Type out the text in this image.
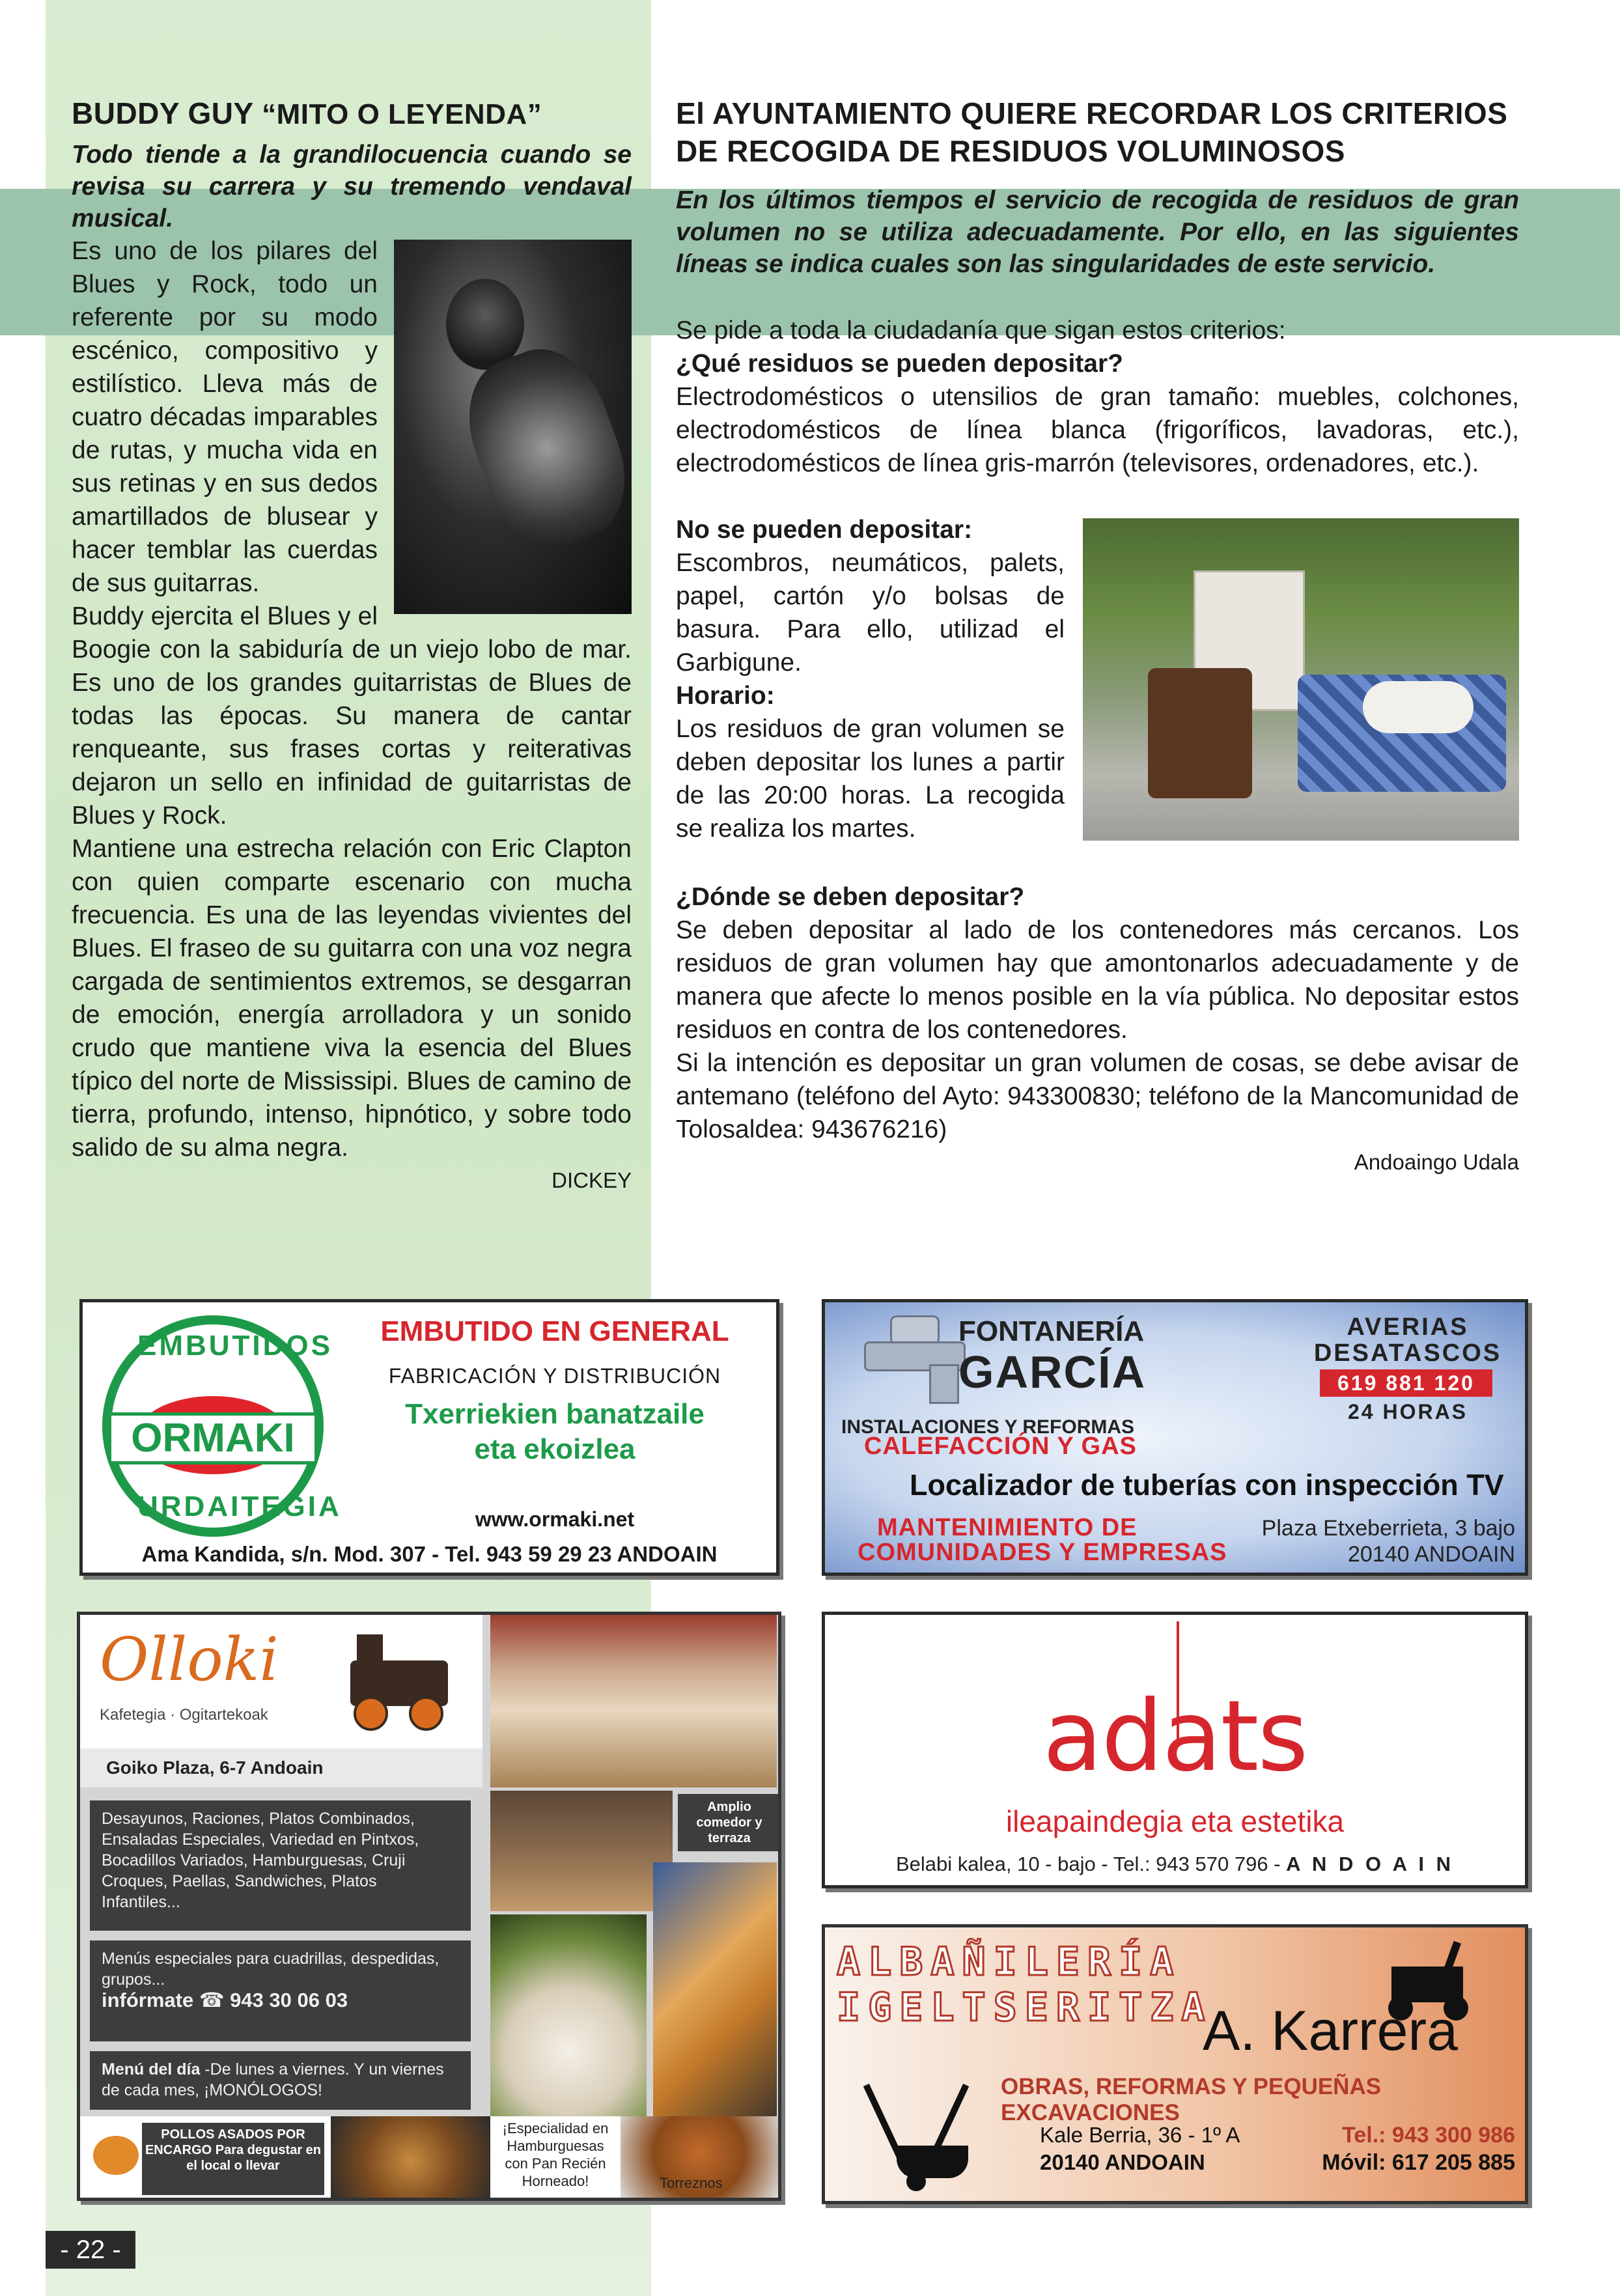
BUDDY GUY “MITO O LEYENDA”

Todo tiende a la grandilocuencia cuando se revisa su carrera y su tremendo vendaval musical.

Es uno de los pilares del Blues y Rock, todo un referente por su modo escénico, compositivo y estilístico. Lleva más de cuatro décadas imparables de rutas, y mucha vida en sus retinas y en sus dedos amartillados de blusear y hacer temblar las cuerdas de sus guitarras.

Buddy ejercita el Blues y el Boogie con la sabiduría de un viejo lobo de mar. Es uno de los grandes guitarristas de Blues de todas las épocas. Su manera de cantar renqueante, sus frases cortas y reiterativas dejaron un sello en infinidad de guitarristas de Blues y Rock.

Mantiene una estrecha relación con Eric Clapton con quien comparte escenario con mucha frecuencia. Es una de las leyendas vivientes del Blues. El fraseo de su guitarra con una voz negra cargada de sentimientos extremos, se desgarran de emoción, energía arrolladora y un sonido crudo que mantiene viva la esencia del Blues típico del norte de Mississipi. Blues de camino de tierra, profundo, intenso, hipnótico, y sobre todo salido de su alma negra.

DICKEY
El AYUNTAMIENTO QUIERE RECORDAR LOS CRITERIOS DE RECOGIDA DE RESIDUOS VOLUMINOSOS

En los últimos tiempos el servicio de recogida de residuos de gran volumen no se utiliza adecuadamente. Por ello, en las siguientes líneas se indica cuales son las singularidades de este servicio.

Se pide a toda la ciudadanía que sigan estos criterios:

¿Qué residuos se pueden depositar?

Electrodomésticos o utensilios de gran tamaño: muebles, colchones, electrodomésticos de línea blanca (frigoríficos, lavadoras, etc.), electrodomésticos de línea gris-marrón (televisores, ordenadores, etc.).

No se pueden depositar:

Escombros, neumáticos, palets, papel, cartón y/o bolsas de basura. Para ello, utilizad el Garbigune.

Horario:

Los residuos de gran volumen se deben depositar los lunes a partir de las 20:00 horas. La recogida se realiza los martes.

¿Dónde se deben depositar?

Se deben depositar al lado de los contenedores más cercanos. Los residuos de gran volumen hay que amontonarlos adecuadamente y de manera que afecte lo menos posible en la vía pública. No depositar estos residuos en contra de los contenedores.

Si la intención es depositar un gran volumen de cosas, se debe avisar de antemano (teléfono del Ayto: 943300830; teléfono de la Mancomunidad de Tolosaldea: 943676216)

Andoaingo Udala
EMBUTIDOS
ORMAKI
URDAITEGIA
EMBUTIDO EN GENERAL
FABRICACIÓN Y DISTRIBUCIÓN
Txerriekien banatzaile
eta ekoizlea
www.ormaki.net
Ama Kandida, s/n. Mod. 307 - Tel. 943 59 29 23 ANDOAIN
FONTANERÍA
GARCÍA
AVERIAS
DESATASCOS
619 881 120
24 HORAS
INSTALACIONES Y REFORMAS
CALEFACCIÓN Y GAS
Localizador de tuberías con inspección TV
MANTENIMIENTO DE
COMUNIDADES Y EMPRESAS
Plaza Etxeberrieta, 3 bajo
20140 ANDOAIN
Olloki
Kafetegia · Ogitartekoak
Goiko Plaza, 6-7 Andoain
Desayunos, Raciones, Platos Combinados, Ensaladas Especiales, Variedad en Pintxos, Bocadillos Variados, Hamburguesas, Cruji Croques, Paellas, Sandwiches, Platos Infantiles...
Menús especiales para cuadrillas, despedidas, grupos...
infórmate ☎ 943 30 06 03
Menú del día -De lunes a viernes. Y un viernes de cada mes, ¡MONÓLOGOS!
Amplio comedor y terraza
POLLOS ASADOS POR ENCARGO Para degustar en el local o llevar
¡Especialidad en Hamburguesas con Pan Recién Horneado!	Torreznos
adats
ileapaindegia eta estetika
Belabi kalea, 10 - bajo - Tel.: 943 570 796 - A N D O A I N
ALBAÑILERÍA
IGELTSERITZA
A. Karrera
OBRAS, REFORMAS Y PEQUEÑAS EXCAVACIONES
Kale Berria, 36 - 1º A
20140 ANDOAIN
Tel.: 943 300 986
Móvil: 617 205 885
- 22 -
